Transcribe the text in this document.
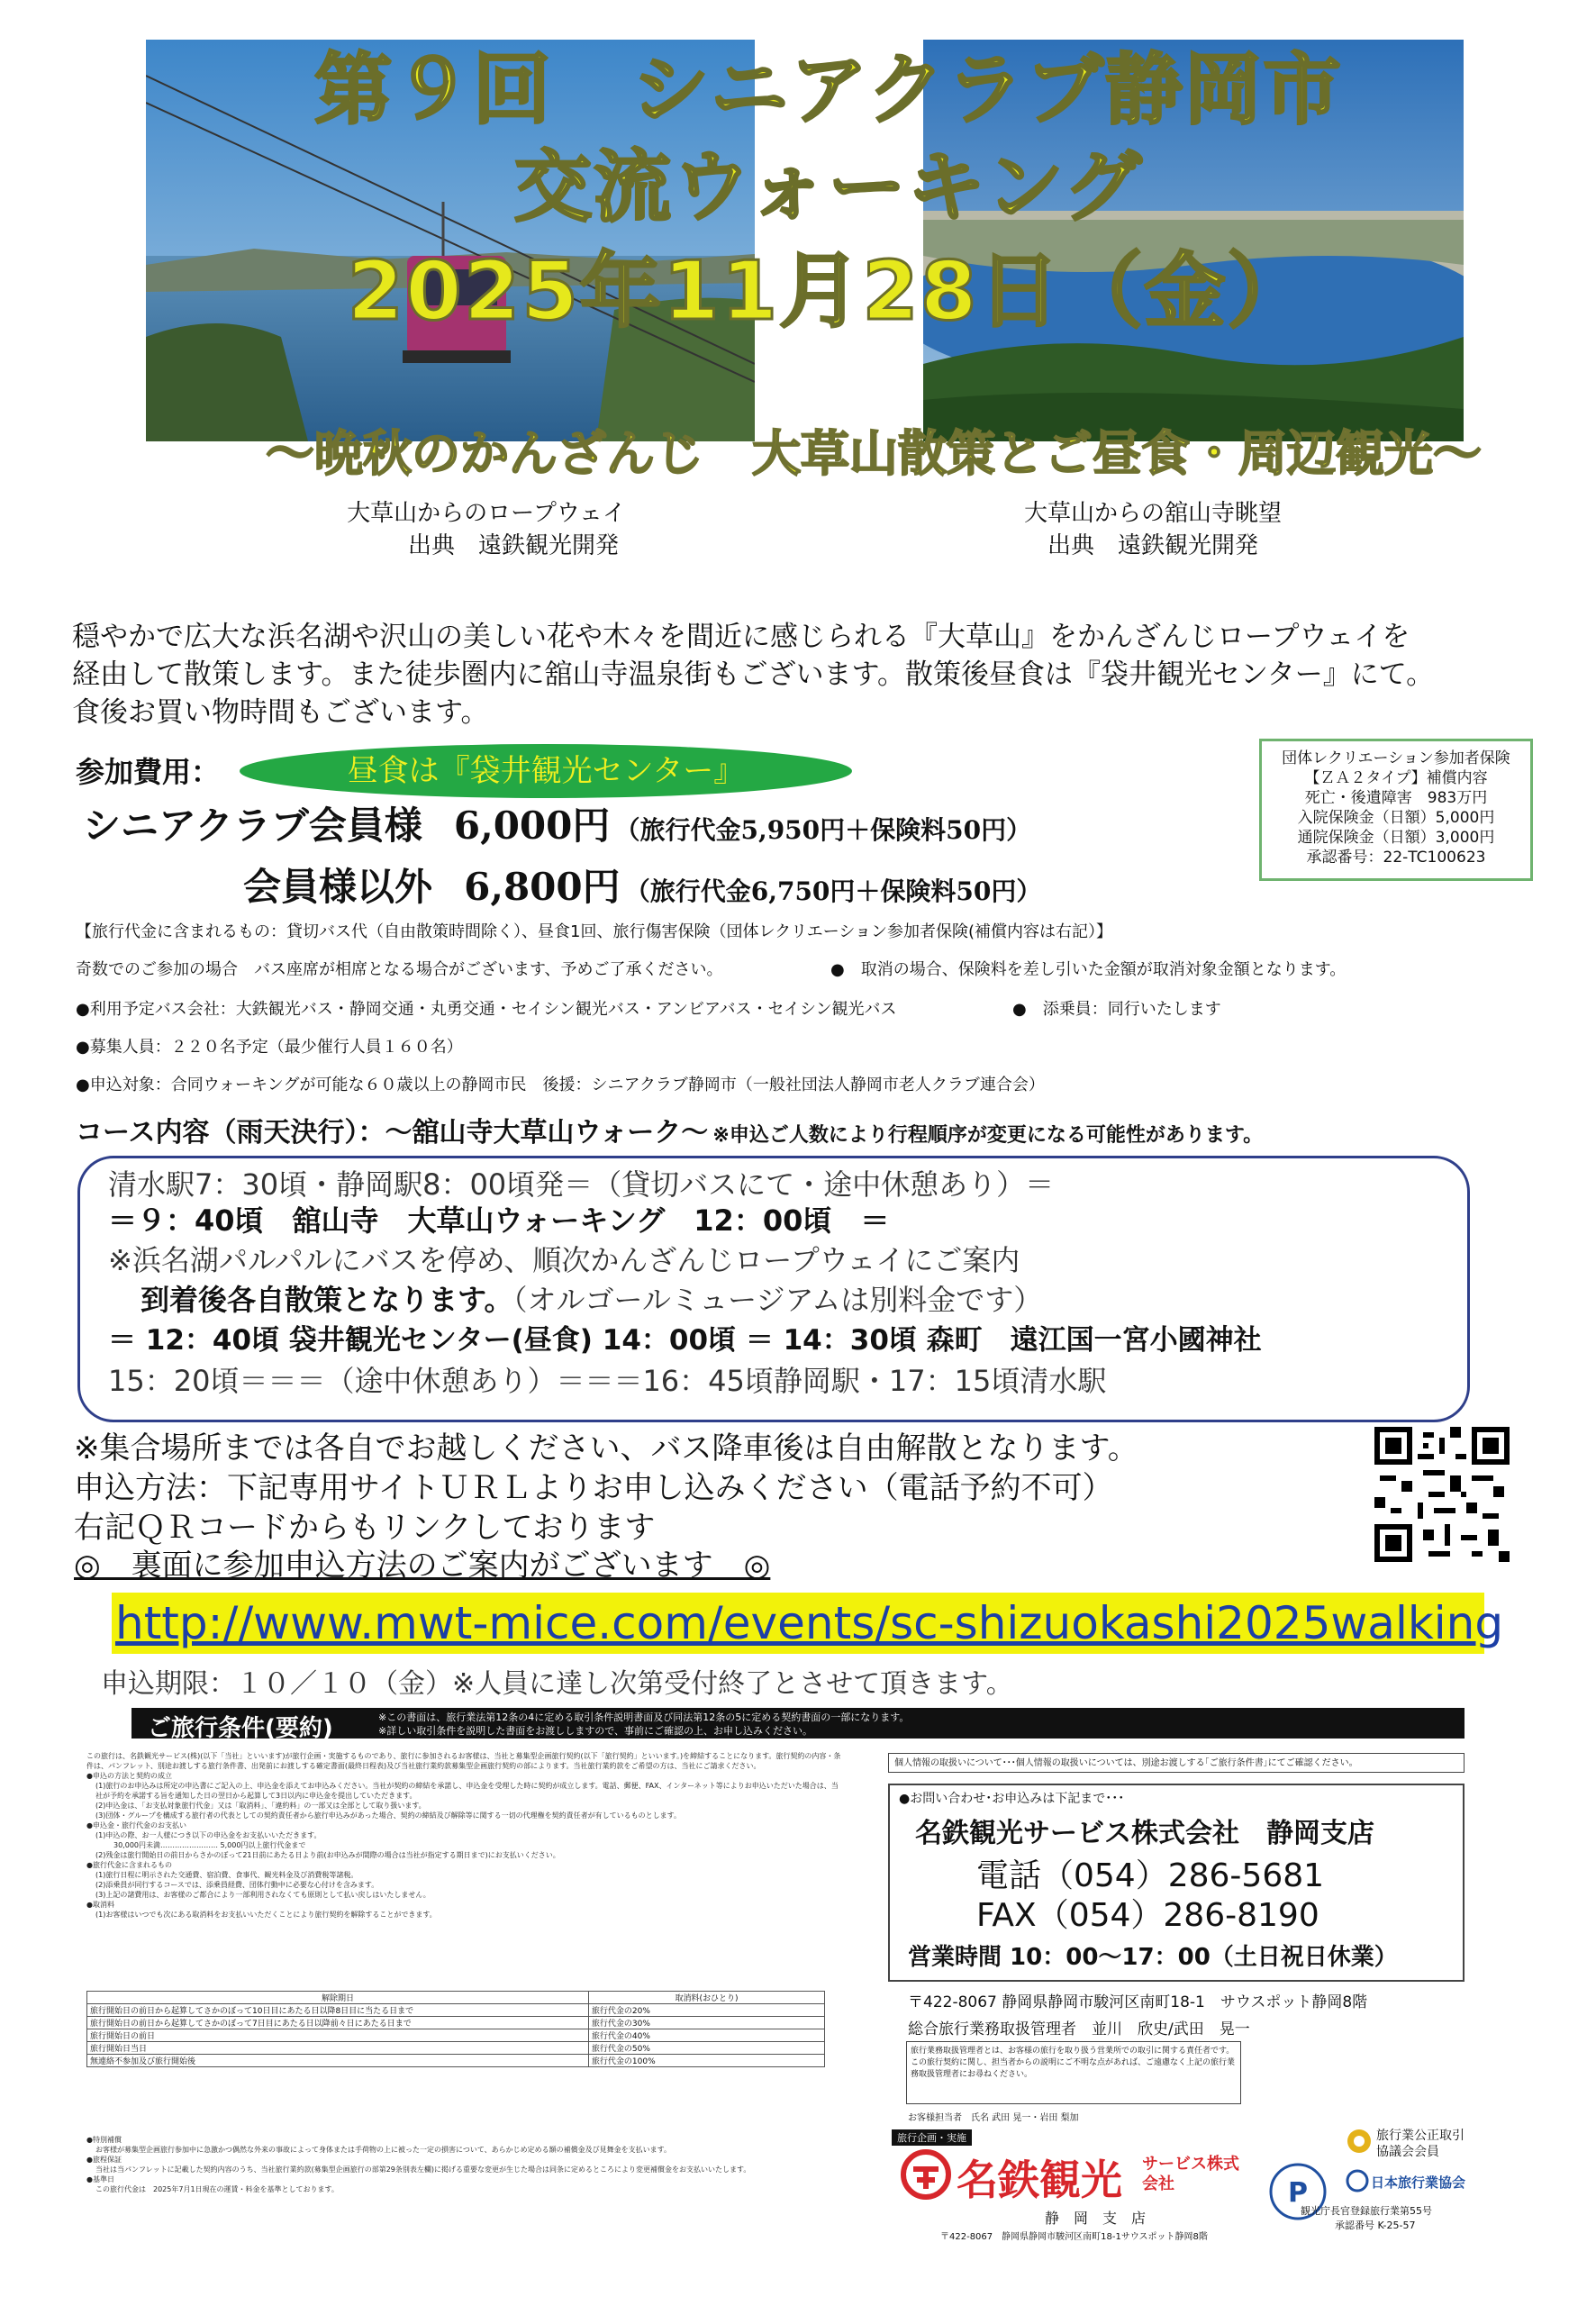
第９回　シニアクラブ静岡市
交流ウォーキング
2025年11月28日（金）
〜晩秋のかんざんじ　大草山散策とご昼食・周辺観光〜
大草山からのロープウェイ
出典　遠鉄観光開発
大草山からの舘山寺眺望
出典　遠鉄観光開発
穏やかで広大な浜名湖や沢山の美しい花や木々を間近に感じられる『大草山』をかんざんじロープウェイを
経由して散策します。また徒歩圏内に舘山寺温泉街もございます。散策後昼食は『袋井観光センター』にて。
食後お買い物時間もございます。
参加費用：	昼食は『袋井観光センター』
シニアクラブ会員様 6,000円 （旅行代金5,950円＋保険料50円）
会員様以外 6,800円 （旅行代金6,750円＋保険料50円）
団体レクリエーション参加者保険
【ＺＡ２タイプ】補償内容
死亡・後遺障害　983万円
入院保険金（日額）5,000円
通院保険金（日額）3,000円
承認番号：22-TC100623
【旅行代金に含まれるもの：貸切バス代（自由散策時間除く）、昼食1回、旅行傷害保険（団体レクリエーション参加者保険(補償内容は右記）】
奇数でのご参加の場合　バス座席が相席となる場合がございます、予めご了承ください。	●　取消の場合、保険料を差し引いた金額が取消対象金額となります。
●利用予定バス会社：大鉄観光バス・静岡交通・丸勇交通・セイシン観光バス・アンビアバス・セイシン観光バス	●　添乗員：同行いたします
●募集人員：２２０名予定（最少催行人員１６０名）
●申込対象：合同ウォーキングが可能な６０歳以上の静岡市民　後援：シニアクラブ静岡市（一般社団法人静岡市老人クラブ連合会）
コース内容（雨天決行）：〜舘山寺大草山ウォーク〜 ※申込ご人数により行程順序が変更になる可能性があります。
清水駅7：30頃・静岡駅8：00頃発＝（貸切バスにて・途中休憩あり）＝
＝９：40頃　舘山寺　大草山ウォーキング　12：00頃　＝
※浜名湖パルパルにバスを停め、順次かんざんじロープウェイにご案内
到着後各自散策となります。（オルゴールミュージアムは別料金です）
＝ 12：40頃 袋井観光センター(昼食) 14：00頃 ＝ 14：30頃 森町　遠江国一宮小國神社
15：20頃＝＝＝（途中休憩あり）＝＝＝16：45頃静岡駅・17：15頃清水駅
※集合場所までは各自でお越しください、バス降車後は自由解散となります。
申込方法：下記専用サイトＵＲＬよりお申し込みください（電話予約不可）
右記ＱＲコードからもリンクしております
◎　裏面に参加申込方法のご案内がございます　◎
http://www.mwt-mice.com/events/sc-shizuokashi2025walking
申込期限：１０／１０（金）※人員に達し次第受付終了とさせて頂きます。
ご旅行条件(要約)	※この書面は、旅行業法第12条の4に定める取引条件説明書面及び同法第12条の5に定める契約書面の一部になります。
※詳しい取引条件を説明した書面をお渡ししますので、事前にご確認の上、お申し込みください。
この旅行は、名鉄観光サービス(株)(以下「当社」といいます)が旅行企画・実施するものであり、旅行に参加されるお客様は、当社と募集型企画旅行契約(以下「旅行契約」といいます。)を締結することになります。旅行契約の内容・条件は、パンフレット、別途お渡しする旅行条件書、出発前にお渡しする確定書面(最終日程表)及び当社旅行業約款募集型企画旅行契約の部によります。当社旅行業約款をご希望の方は、当社にご請求ください。
●申込の方法と契約の成立
(1)旅行のお申込みは所定の申込書にご記入の上、申込金を添えてお申込みください。当社が契約の締結を承諾し、申込金を受理した時に契約が成立します。電話、郵便、FAX、インターネット等によりお申込いただいた場合は、当社が予約を承諾する旨を通知した日の翌日から起算して3日以内に申込金を提出していただきます。
(2)申込金は、「お支払対象旅行代金」又は「取消料」、「違約料」の一部又は全部として取り扱います。
(3)団体・グループを構成する旅行者の代表としての契約責任者から旅行申込みがあった場合、契約の締結及び解除等に関する一切の代理権を契約責任者が有しているものとします。
●申込金・旅行代金のお支払い
(1)申込の際、お一人様につき以下の申込金をお支払いいただきます。
30,000円未満…………………… 5,000円以上旅行代金まで
(2)残金は旅行開始日の前日からさかのぼって21日前にあたる日より前(お申込みが間際の場合は当社が指定する期日まで)にお支払いください。
●旅行代金に含まれるもの
(1)旅行日程に明示された交通費、宿泊費、食事代、観光料金及び消費税等諸税。
(2)添乗員が同行するコースでは、添乗員経費、団体行動中に必要な心付けを含みます。
(3)上記の諸費用は、お客様のご都合により一部利用されなくても原則として払い戻しはいたしません。
●取消料
(1)お客様はいつでも次にある取消料をお支払いいただくことにより旅行契約を解除することができます。
解除期日	取消料(おひとり)
旅行開始日の前日から起算してさかのぼって10日目にあたる日以降8日目に当たる日まで	旅行代金の20%
旅行開始日の前日から起算してさかのぼって7日目にあたる日以降前々日にあたる日まで	旅行代金の30%
旅行開始日の前日	旅行代金の40%
旅行開始日当日	旅行代金の50%
無連絡不参加及び旅行開始後	旅行代金の100%
●特別補償
お客様が募集型企画旅行参加中に急激かつ偶然な外来の事故によって身体または手荷物の上に被った一定の損害について、あらかじめ定める額の補償金及び見舞金を支払います。
●旅程保証
当社は当パンフレットに記載した契約内容のうち、当社旅行業約款(募集型企画旅行の部第29条別表左欄)に掲げる重要な変更が生じた場合は同条に定めるところにより変更補償金をお支払いいたします。
●基準日
この旅行代金は　2025年7月1日現在の運賃・料金を基準としております。
個人情報の取扱いについて･･･個人情報の取扱いについては、別途お渡しする｢ご旅行条件書｣にてご確認ください。
●お問い合わせ･お申込みは下記まで･･･
名鉄観光サービス株式会社　静岡支店
電話（054）286-5681
FAX（054）286-8190
営業時間 10：00〜17：00（土日祝日休業）
〒422-8067 静岡県静岡市駿河区南町18-1　サウスポット静岡8階
総合旅行業務取扱管理者　並川　欣史/武田　晃一
旅行業務取扱管理者とは、お客様の旅行を取り扱う営業所での取引に関する責任者です。この旅行契約に関し、担当者からの説明にご不明な点があれば、ご遠慮なく上記の旅行業務取扱管理者にお尋ねください。
お客様担当者　氏名 武田 晃一・岩田 梨加
旅行企画・実施
名鉄観光 サービス株式会社
静　岡　支　店
〒422-8067　静岡県静岡市駿河区南町18-1サウスポット静岡8階
P
旅行業公正取引協議会会員
日本旅行業協会
観光庁長官登録旅行業第55号
承認番号 K-25-57
